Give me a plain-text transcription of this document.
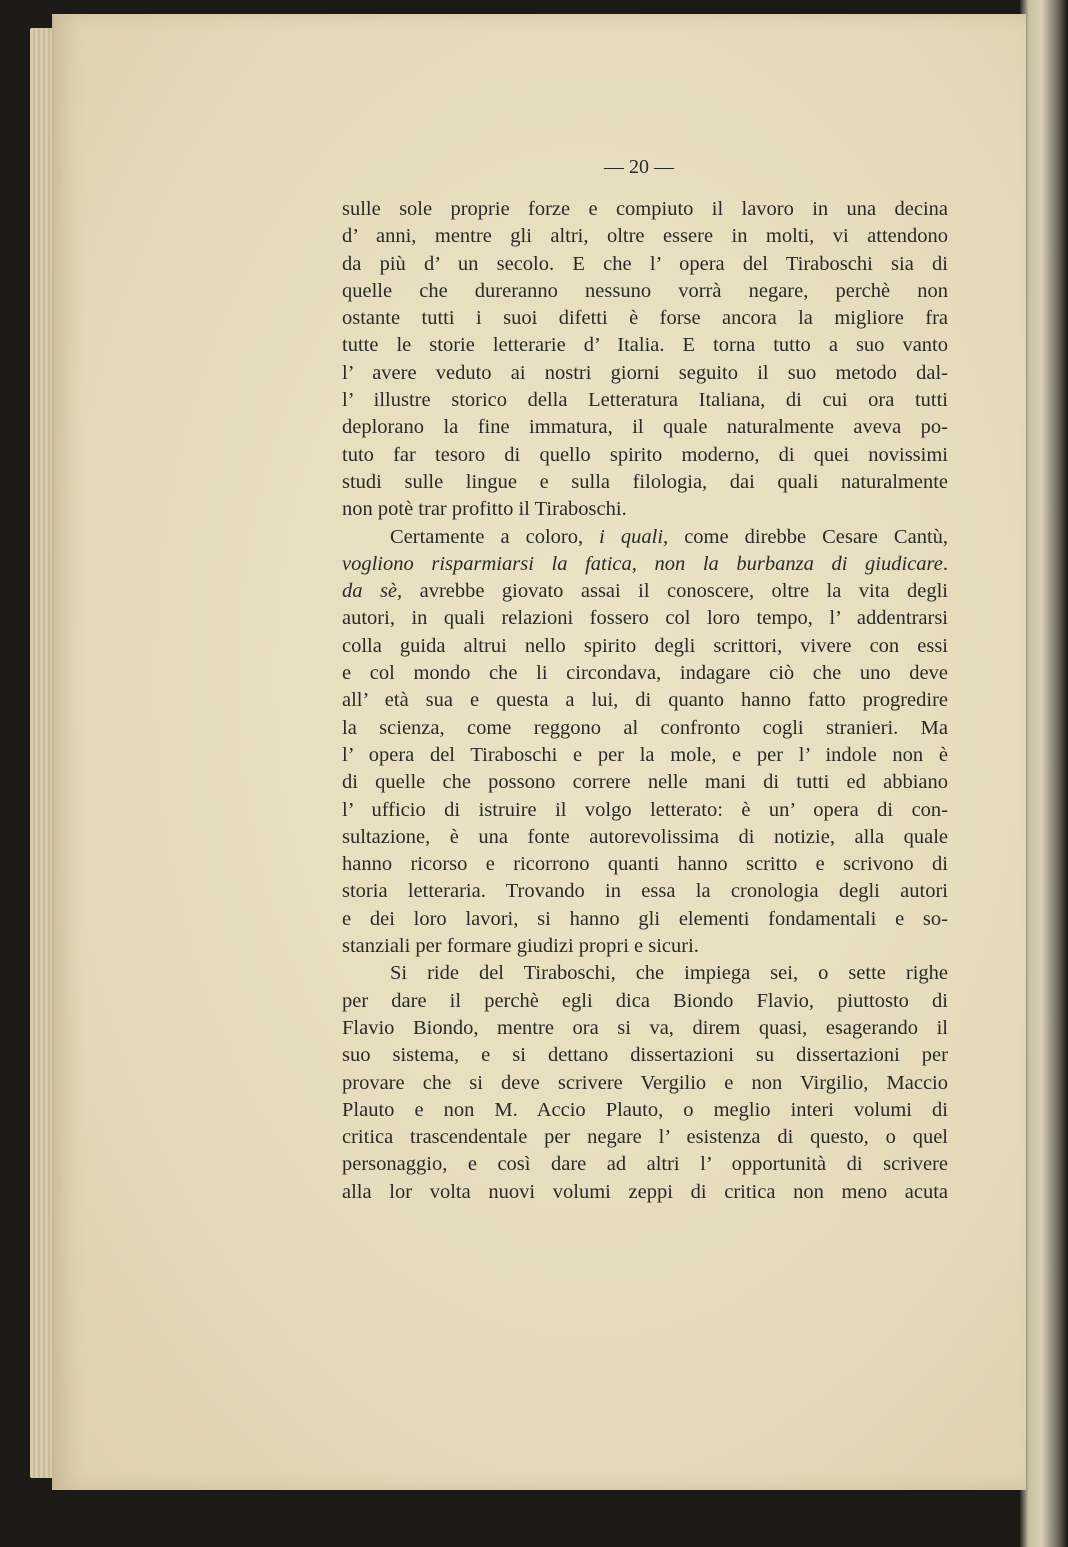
— 20 —
sulle sole proprie forze e compiuto il lavoro in una decina
d’ anni, mentre gli altri, oltre essere in molti, vi attendono
da più d’ un secolo. E che l’ opera del Tiraboschi sia di
quelle che dureranno nessuno vorrà negare, perchè non
ostante tutti i suoi difetti è forse ancora la migliore fra
tutte le storie letterarie d’ Italia. E torna tutto a suo vanto
l’ avere veduto ai nostri giorni seguito il suo metodo dal-
l’ illustre storico della Letteratura Italiana, di cui ora tutti
deplorano la fine immatura, il quale naturalmente aveva po-
tuto far tesoro di quello spirito moderno, di quei novissimi
studi sulle lingue e sulla filologia, dai quali naturalmente
non potè trar profitto il Tiraboschi.
Certamente a coloro, i quali, come direbbe Cesare Cantù,
vogliono risparmiarsi la fatica, non la burbanza di giudicare.
da sè, avrebbe giovato assai il conoscere, oltre la vita degli
autori, in quali relazioni fossero col loro tempo, l’ addentrarsi
colla guida altrui nello spirito degli scrittori, vivere con essi
e col mondo che li circondava, indagare ciò che uno deve
all’ età sua e questa a lui, di quanto hanno fatto progredire
la scienza, come reggono al confronto cogli stranieri. Ma
l’ opera del Tiraboschi e per la mole, e per l’ indole non è
di quelle che possono correre nelle mani di tutti ed abbiano
l’ ufficio di istruire il volgo letterato: è un’ opera di con-
sultazione, è una fonte autorevolissima di notizie, alla quale
hanno ricorso e ricorrono quanti hanno scritto e scrivono di
storia letteraria. Trovando in essa la cronologia degli autori
e dei loro lavori, si hanno gli elementi fondamentali e so-
stanziali per formare giudizi propri e sicuri.
Si ride del Tiraboschi, che impiega sei, o sette righe
per dare il perchè egli dica Biondo Flavio, piuttosto di
Flavio Biondo, mentre ora si va, direm quasi, esagerando il
suo sistema, e si dettano dissertazioni su dissertazioni per
provare che si deve scrivere Vergilio e non Virgilio, Maccio
Plauto e non M. Accio Plauto, o meglio interi volumi di
critica trascendentale per negare l’ esistenza di questo, o quel
personaggio, e così dare ad altri l’ opportunità di scrivere
alla lor volta nuovi volumi zeppi di critica non meno acuta
